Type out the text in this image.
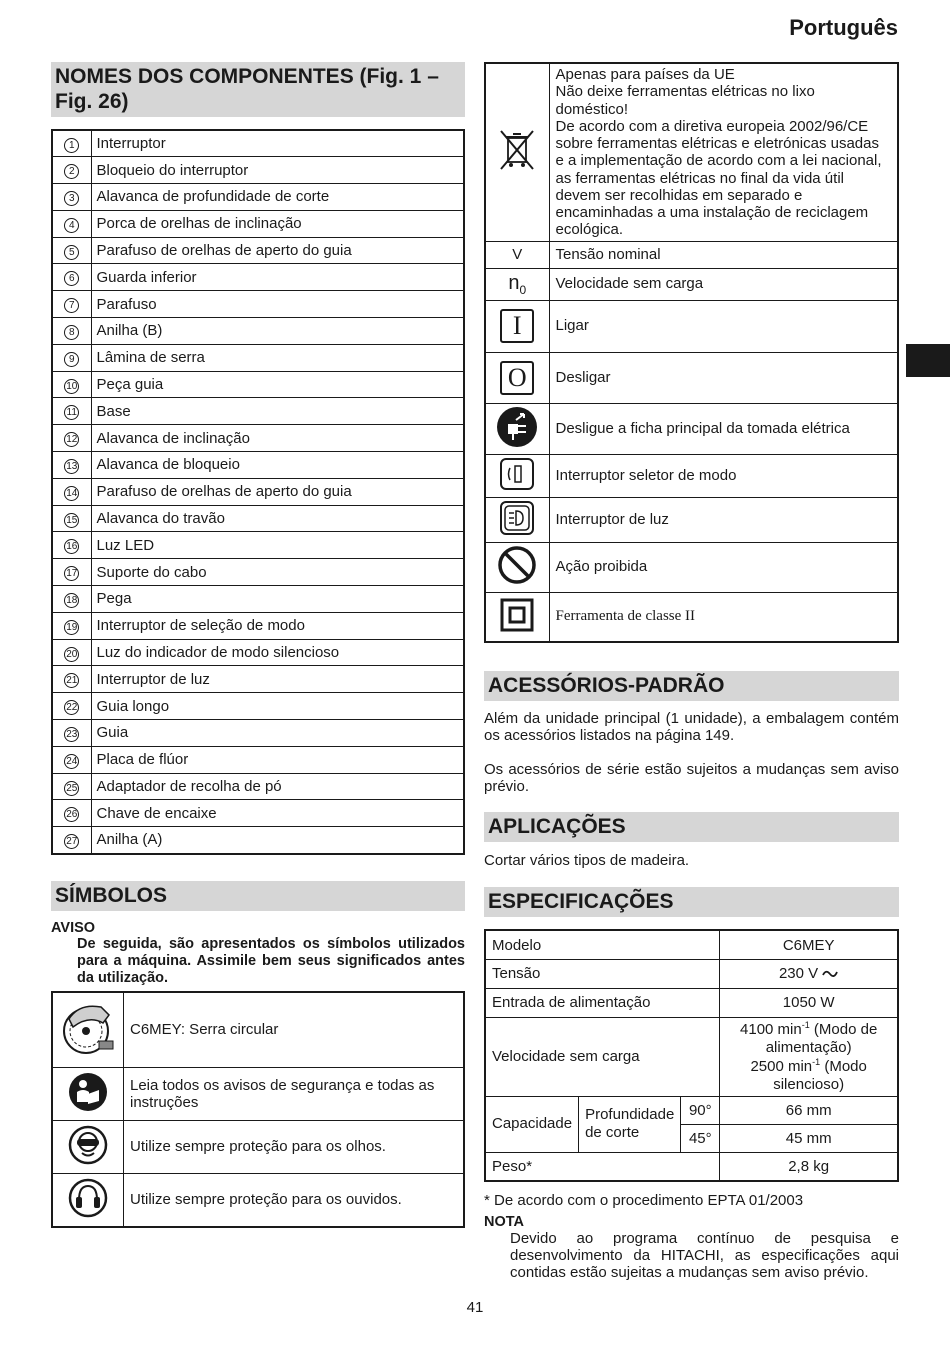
Português
NOMES DOS COMPONENTES (Fig. 1 – Fig. 26)
1	Interruptor
2	Bloqueio do interruptor
3	Alavanca de profundidade de corte
4	Porca de orelhas de inclinação
5	Parafuso de orelhas de aperto do guia
6	Guarda inferior
7	Parafuso
8	Anilha (B)
9	Lâmina de serra
10	Peça guia
11	Base
12	Alavanca de inclinação
13	Alavanca de bloqueio
14	Parafuso de orelhas de aperto do guia
15	Alavanca do travão
16	Luz LED
17	Suporte do cabo
18	Pega
19	Interruptor de seleção de modo
20	Luz do indicador de modo silencioso
21	Interruptor de luz
22	Guia longo
23	Guia
24	Placa de flúor
25	Adaptador de recolha de pó
26	Chave de encaixe
27	Anilha (A)
SÍMBOLOS
AVISO
De seguida, são apresentados os símbolos utilizados para a máquina. Assimile bem seus significados antes da utilização.
	C6MEY: Serra circular
	Leia todos os avisos de segurança e todas as instruções
	Utilize sempre proteção para os olhos.
	Utilize sempre proteção para os ouvidos.
	Apenas para países da UE
Não deixe ferramentas elétricas no lixo doméstico!
De acordo com a diretiva europeia 2002/96/CE sobre ferramentas elétricas e eletrónicas usadas e a implementação de acordo com a lei nacional, as ferramentas elétricas no final da vida útil devem ser recolhidas em separado e encaminhadas a uma instalação de reciclagem ecológica.
V	Tensão nominal
$n_0$	Velocidade sem carga
I	Ligar
O	Desligar
	Desligue a ficha principal da tomada elétrica
	Interruptor seletor de modo
	Interruptor de luz
	Ação proibida
	Ferramenta de classe II
ACESSÓRIOS-PADRÃO
Além da unidade principal (1 unidade), a embalagem contém os acessórios listados na página 149.
Os acessórios de série estão sujeitos a mudanças sem aviso prévio.
APLICAÇÕES
Cortar vários tipos de madeira.
ESPECIFICAÇÕES
Modelo			C6MEY
Tensão			230 V
Entrada de alimentação			1050 W
Velocidade sem carga			4100 $\min^{-1}$ (Modo de alimentação)
2500 $\min^{-1}$ (Modo silencioso)
Capacidade	Profundidade de corte	90°	66 mm
		45°	45 mm
Peso*			2,8 kg
* De acordo com o procedimento EPTA 01/2003
NOTA
Devido ao programa contínuo de pesquisa e desenvolvimento da HITACHI, as especificações aqui contidas estão sujeitas a mudanças sem aviso prévio.
41
